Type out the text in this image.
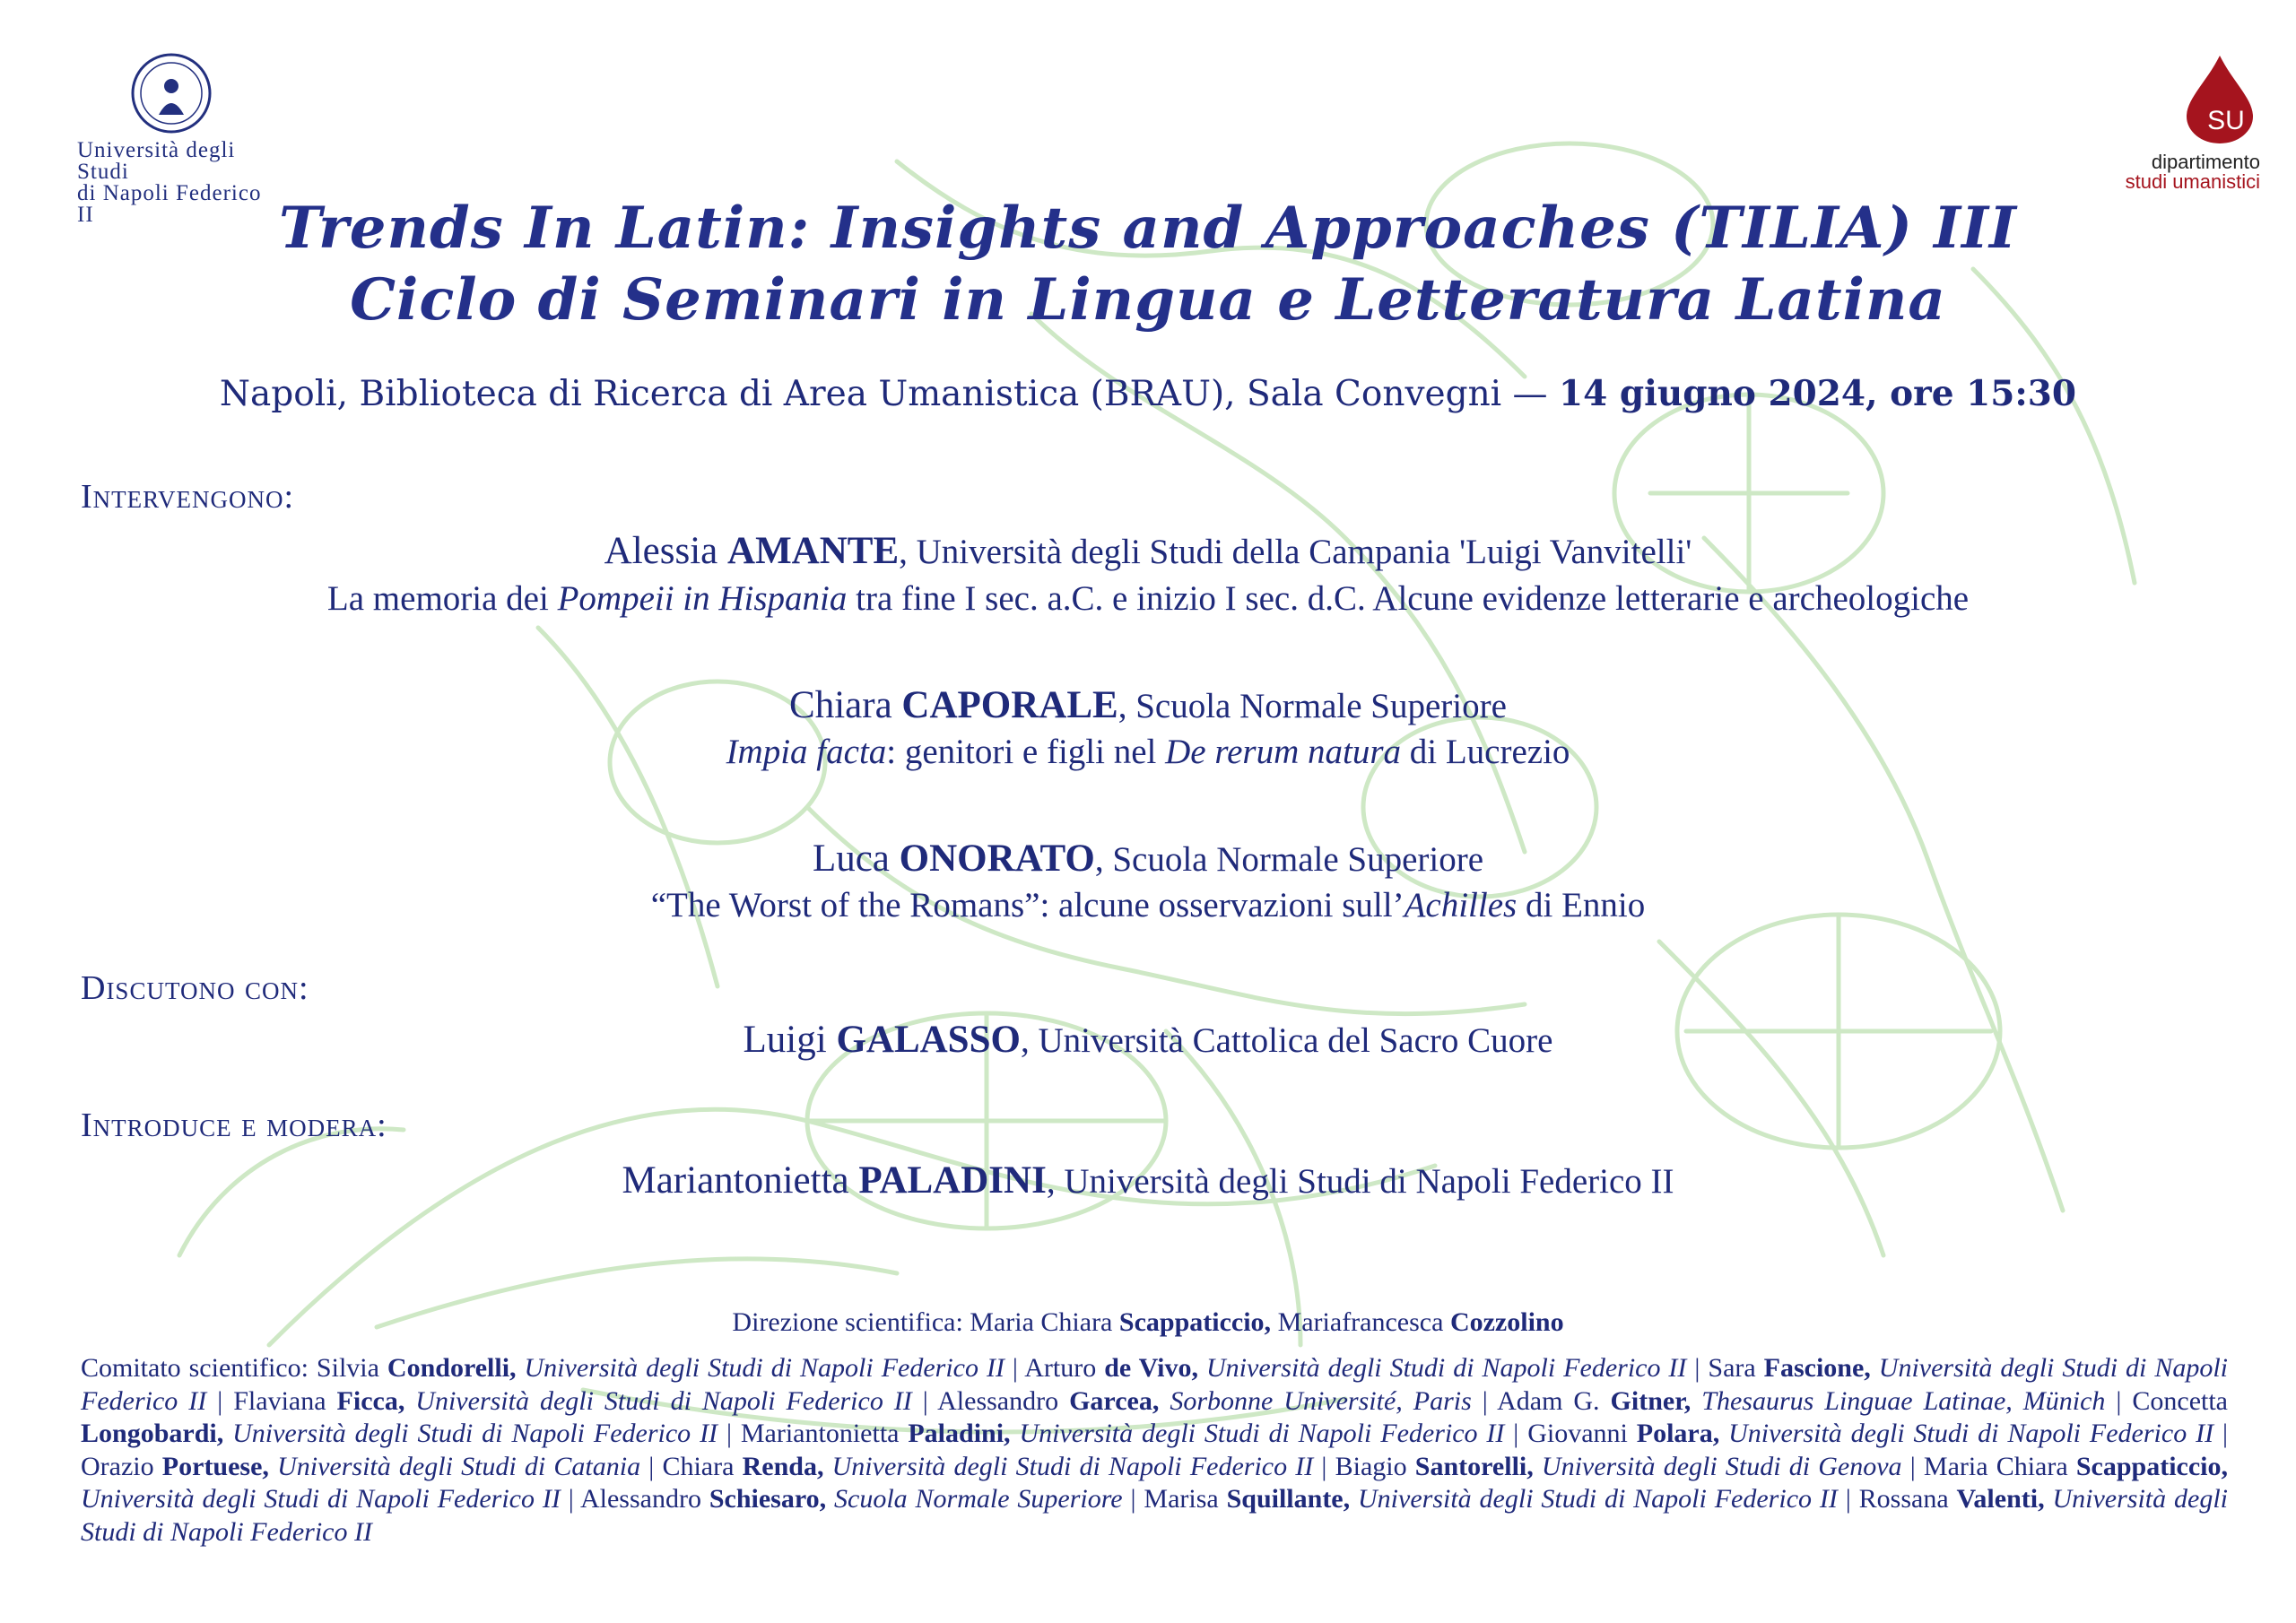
Università degli Studi
di Napoli Federico II
SU
dipartimento
studi umanistici
Trends In Latin: Insights and Approaches (TILIA) III
Ciclo di Seminari in Lingua e Letteratura Latina
Napoli, Biblioteca di Ricerca di Area Umanistica (BRAU), Sala Convegni — 14 giugno 2024, ore 15:30
Intervengono:
Alessia AMANTE, Università degli Studi della Campania 'Luigi Vanvitelli'
La memoria dei Pompeii in Hispania tra fine I sec. a.C. e inizio I sec. d.C. Alcune evidenze letterarie e archeologiche
Chiara CAPORALE, Scuola Normale Superiore
Impia facta: genitori e figli nel De rerum natura di Lucrezio
Luca ONORATO, Scuola Normale Superiore
“The Worst of the Romans”: alcune osservazioni sull’Achilles di Ennio
Discutono con:
Luigi GALASSO, Università Cattolica del Sacro Cuore
Introduce e modera:
Mariantonietta PALADINI, Università degli Studi di Napoli Federico II
Direzione scientifica: Maria Chiara Scappaticcio, Mariafrancesca Cozzolino
Comitato scientifico: Silvia Condorelli, Università degli Studi di Napoli Federico II | Arturo de Vivo, Università degli Studi di Napoli Federico II | Sara Fascione, Università degli Studi di Napoli Federico II | Flaviana Ficca, Università degli Studi di Napoli Federico II | Alessandro Garcea, Sorbonne Université, Paris | Adam G. Gitner, Thesaurus Linguae Latinae, Münich | Concetta Longobardi, Università degli Studi di Napoli Federico II | Mariantonietta Paladini, Università degli Studi di Napoli Federico II | Giovanni Polara, Università degli Studi di Napoli Federico II | Orazio Portuese, Università degli Studi di Catania | Chiara Renda, Università degli Studi di Napoli Federico II | Biagio Santorelli, Università degli Studi di Genova | Maria Chiara Scappaticcio, Università degli Studi di Napoli Federico II | Alessandro Schiesaro, Scuola Normale Superiore | Marisa Squillante, Università degli Studi di Napoli Federico II | Rossana Valenti, Università degli Studi di Napoli Federico II
